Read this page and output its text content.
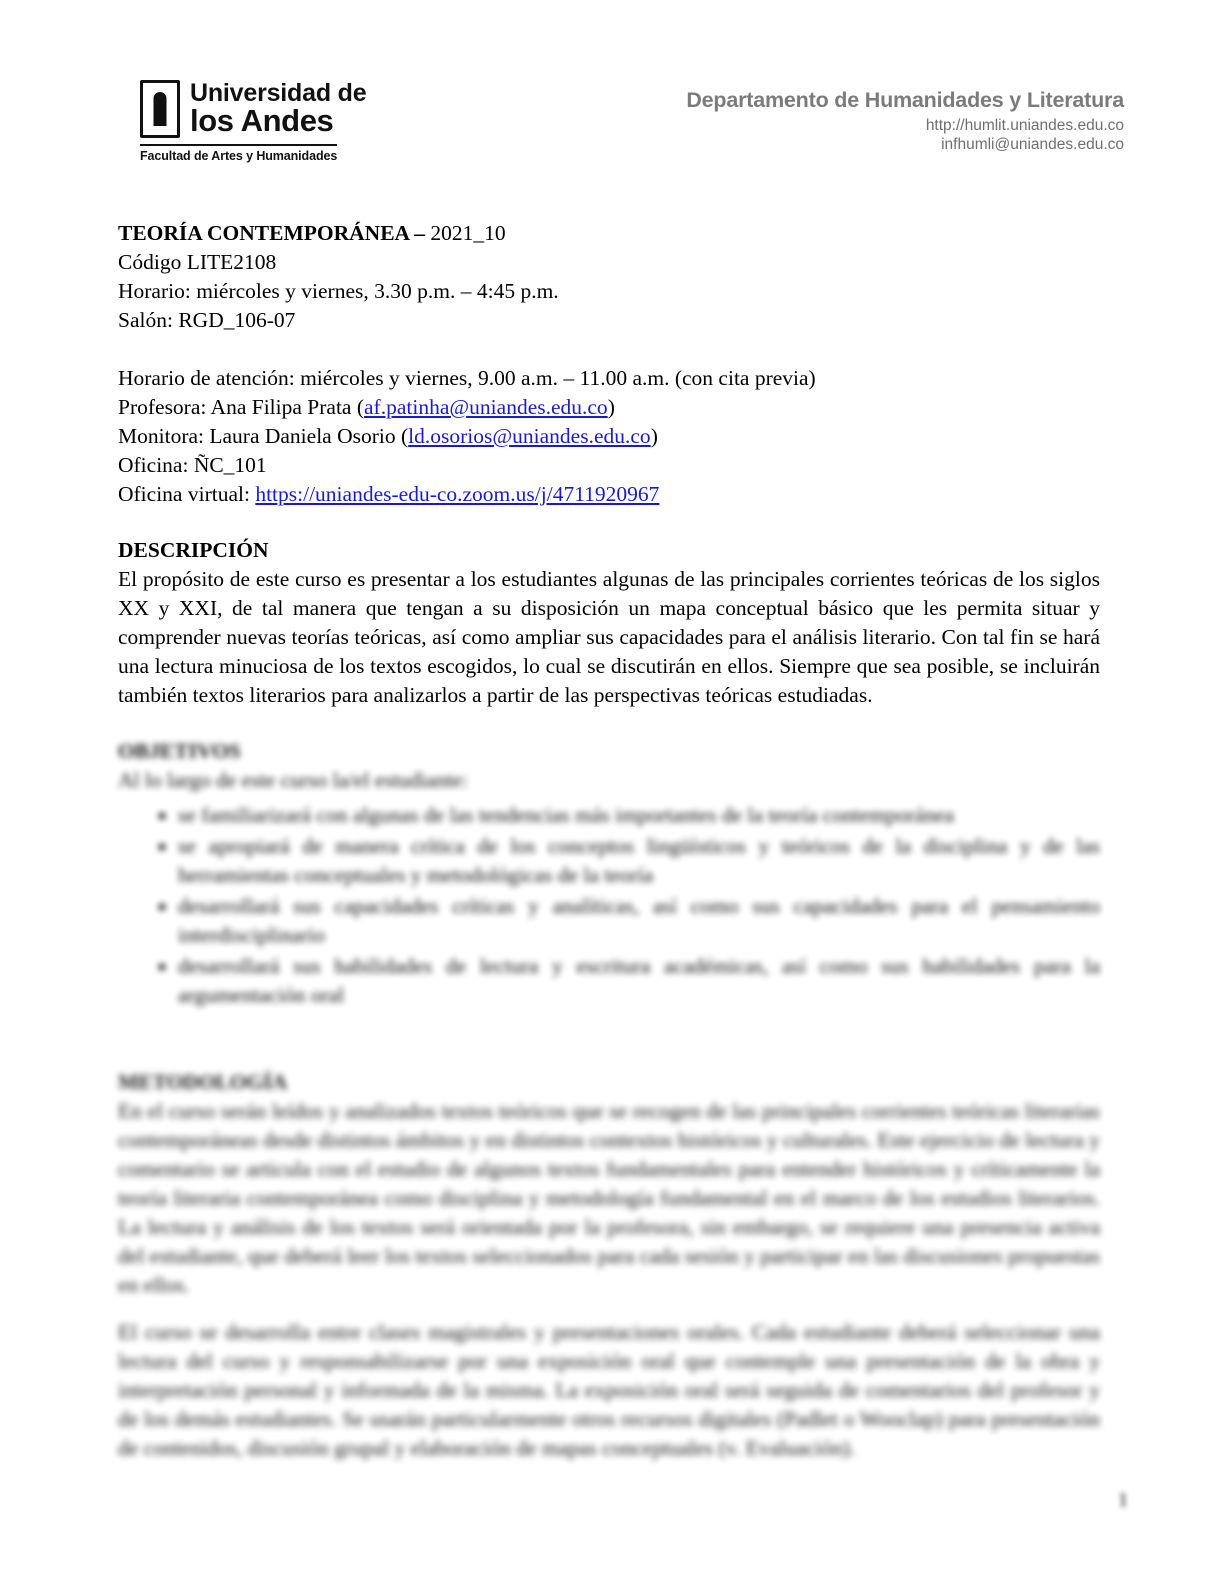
Universidad de
los Andes
Facultad de Artes y Humanidades
Departamento de Humanidades y Literatura
http://humlit.uniandes.edu.co
infhumli@uniandes.edu.co
TEORÍA CONTEMPORÁNEA – 2021_10
Código LITE2108
Horario: miércoles y viernes, 3.30 p.m. – 4:45 p.m.
Salón: RGD_106-07
Horario de atención: miércoles y viernes, 9.00 a.m. – 11.00 a.m. (con cita previa)
Profesora: Ana Filipa Prata (af.patinha@uniandes.edu.co)
Monitora: Laura Daniela Osorio (ld.osorios@uniandes.edu.co)
Oficina: ÑC_101
Oficina virtual: https://uniandes-edu-co.zoom.us/j/4711920967
DESCRIPCIÓN
El propósito de este curso es presentar a los estudiantes algunas de las principales corrientes teóricas de los siglos XX y XXI, de tal manera que tengan a su disposición un mapa conceptual básico que les permita situar y comprender nuevas teorías teóricas, así como ampliar sus capacidades para el análisis literario. Con tal fin se hará una lectura minuciosa de los textos escogidos, lo cual se discutirán en ellos. Siempre que sea posible, se incluirán también textos literarios para analizarlos a partir de las perspectivas teóricas estudiadas.
OBJETIVOS
Al lo largo de este curso la/el estudiante:
▪ se familiarizará con algunas de las tendencias más importantes de la teoría contemporánea
▪ se apropiará de manera crítica de los conceptos lingüísticos y teóricos de la disciplina y de las herramientas conceptuales y metodológicas de la teoría
▪ desarrollará sus capacidades críticas y analíticas, así como sus capacidades para el pensamiento interdisciplinario
▪ desarrollará sus habilidades de lectura y escritura académicas, así como sus habilidades para la argumentación oral
METODOLOGÍA
En el curso serán leídos y analizados textos teóricos que se recogen de las principales corrientes teóricas literarias contemporáneas desde distintos ámbitos y en distintos contextos históricos y culturales. Este ejercicio de lectura y comentario se articula con el estudio de algunos textos fundamentales para entender históricos y críticamente la teoría literaria contemporánea como disciplina y metodología fundamental en el marco de los estudios literarios. La lectura y análisis de los textos será orientada por la profesora, sin embargo, se requiere una presencia activa del estudiante, que deberá leer los textos seleccionados para cada sesión y participar en las discusiones propuestas en ellos.
El curso se desarrolla entre clases magistrales y presentaciones orales. Cada estudiante deberá seleccionar una lectura del curso y responsabilizarse por una exposición oral que contemple una presentación de la obra y interpretación personal y informada de la misma. La exposición oral será seguida de comentarios del profesor y de los demás estudiantes. Se usarán particularmente otros recursos digitales (Padlet o Wooclap) para presentación de contenidos, discusión grupal y elaboración de mapas conceptuales (v. Evaluación).
1
